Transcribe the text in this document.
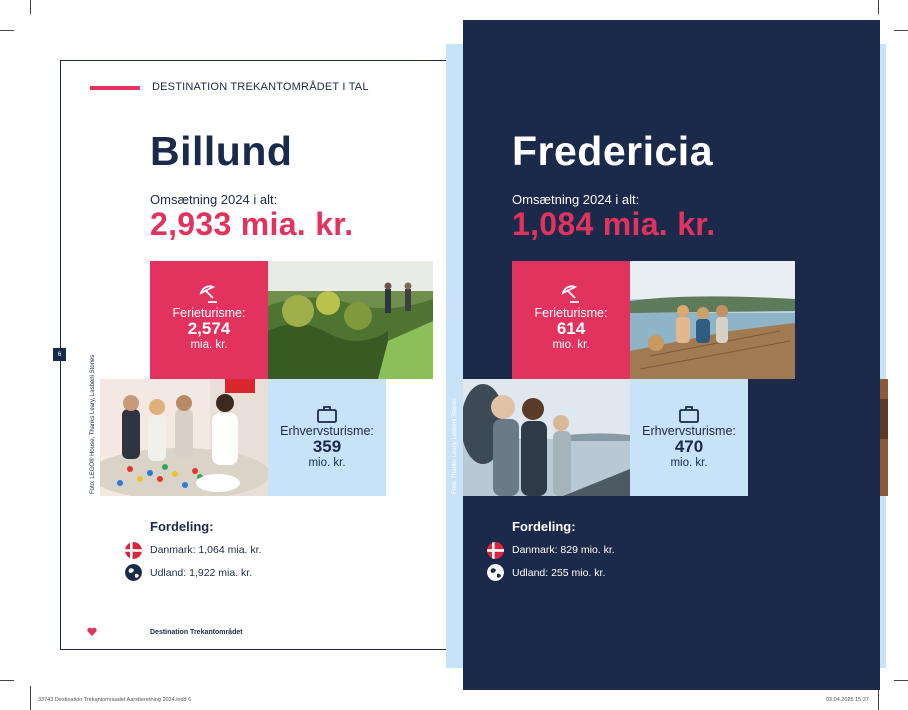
DESTINATION TREKANTOMRÅDET I TAL
6
Billund
Omsætning 2024 i alt:
2,933 mia. kr.
Ferieturisme:
2,574
mia. kr.
Erhvervsturisme:
359
mio. kr.
Foto: LEGO® House, Thanks Leary, Lasbeni Stories
Fordeling:
Danmark: 1,064 mia. kr.
Udland: 1,922 mia. kr.
Destination Trekantområdet
Fredericia
Omsætning 2024 i alt:
1,084 mia. kr.
Ferieturisme:
614
mio. kr.
Erhvervsturisme:
470
mio. kr.
Foto: Thanks Leary, Lasbeni Stories
Fordeling:
Danmark: 829 mio. kr.
Udland: 255 mio. kr.
33743 Destination Trekantomraadet Aarsberetning 2024.indd 6	03.04.2025 15.37
